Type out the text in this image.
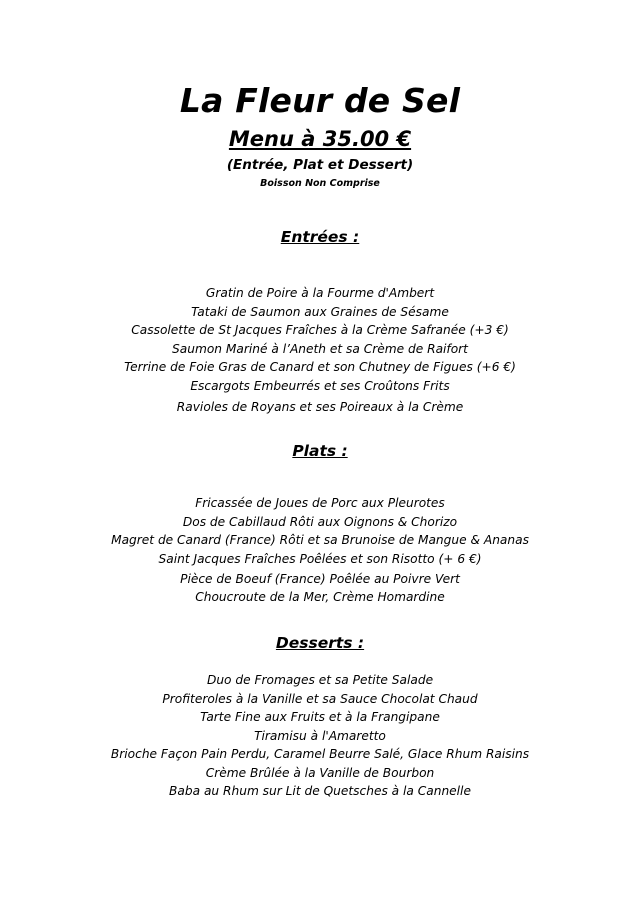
La Fleur de Sel
Menu à 35.00 €
(Entrée, Plat et Dessert)
Boisson Non Comprise
Entrées :
Gratin de Poire à la Fourme d'Ambert
Tataki de Saumon aux Graines de Sésame
Cassolette de St Jacques Fraîches à la Crème Safranée (+3 €)
Saumon Mariné à l’Aneth et sa Crème de Raifort
Terrine de Foie Gras de Canard et son Chutney de Figues (+6 €)
Escargots Embeurrés et ses Croûtons Frits
Ravioles de Royans et ses Poireaux à la Crème
Plats :
Fricassée de Joues de Porc aux Pleurotes
Dos de Cabillaud Rôti aux Oignons & Chorizo
Magret de Canard (France) Rôti et sa Brunoise de Mangue & Ananas
Saint Jacques Fraîches Poêlées et son Risotto (+ 6 €)
Pièce de Boeuf (France) Poêlée au Poivre Vert
Choucroute de la Mer, Crème Homardine
Desserts :
Duo de Fromages et sa Petite Salade
Profiteroles à la Vanille et sa Sauce Chocolat Chaud
Tarte Fine aux Fruits et à la Frangipane
Tiramisu à l'Amaretto
Brioche Façon Pain Perdu, Caramel Beurre Salé, Glace Rhum Raisins
Crème Brûlée à la Vanille de Bourbon
Baba au Rhum sur Lit de Quetsches à la Cannelle
